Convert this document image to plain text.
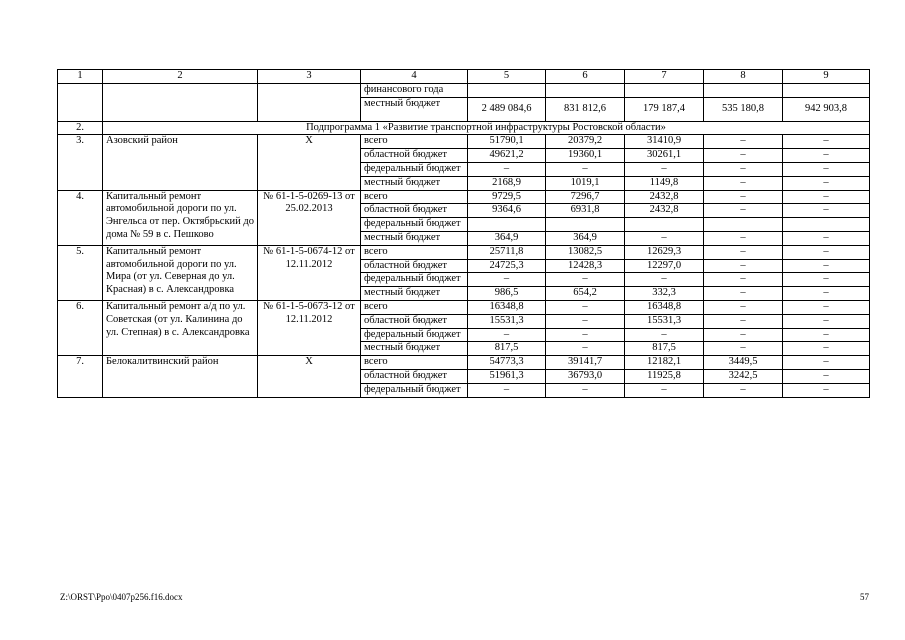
1	2	3	4	5	6	7	8	9
			финансового года					
			местный бюджет	2 489 084,6	831 812,6	179 187,4	535 180,8	942 903,8
2.	Подпрограмма 1 «Развитие транспортной инфраструктуры Ростовской области»							
3.	Азовский район	Х	всего	51790,1	20379,2	31410,9	–	–
			областной бюджет	49621,2	19360,1	30261,1	–	–
			федеральный бюджет	–	–	–	–	–
			местный бюджет	2168,9	1019,1	1149,8	–	–
4.	Капитальный ремонт автомобильной дороги по ул. Энгельса от пер. Октябрьский до дома № 59 в с. Пешково	№ 61-1-5-0269-13 от 25.02.2013	всего	9729,5	7296,7	2432,8	–	–
			областной бюджет	9364,6	6931,8	2432,8	–	–
			федеральный бюджет					
			местный бюджет	364,9	364,9	–	–	–
5.	Капитальный ремонт автомобильной дороги по ул. Мира (от ул. Северная до ул. Красная) в с. Александровка	№ 61-1-5-0674-12 от 12.11.2012	всего	25711,8	13082,5	12629,3	–	–
			областной бюджет	24725,3	12428,3	12297,0	–	–
			федеральный бюджет	–	–	–	–	–
			местный бюджет	986,5	654,2	332,3	–	–
6.	Капитальный ремонт а/д по ул. Советская (от ул. Калинина до ул. Степная) в с. Александровка	№ 61-1-5-0673-12 от 12.11.2012	всего	16348,8	–	16348,8	–	–
			областной бюджет	15531,3	–	15531,3	–	–
			федеральный бюджет	–	–	–	–	–
			местный бюджет	817,5	–	817,5	–	–
7.	Белокалитвинский район	Х	всего	54773,3	39141,7	12182,1	3449,5	–
			областной бюджет	51961,3	36793,0	11925,8	3242,5	–
			федеральный бюджет	–	–	–	–	–
Z:\ORST\Ppo\0407p256.f16.docx	57
